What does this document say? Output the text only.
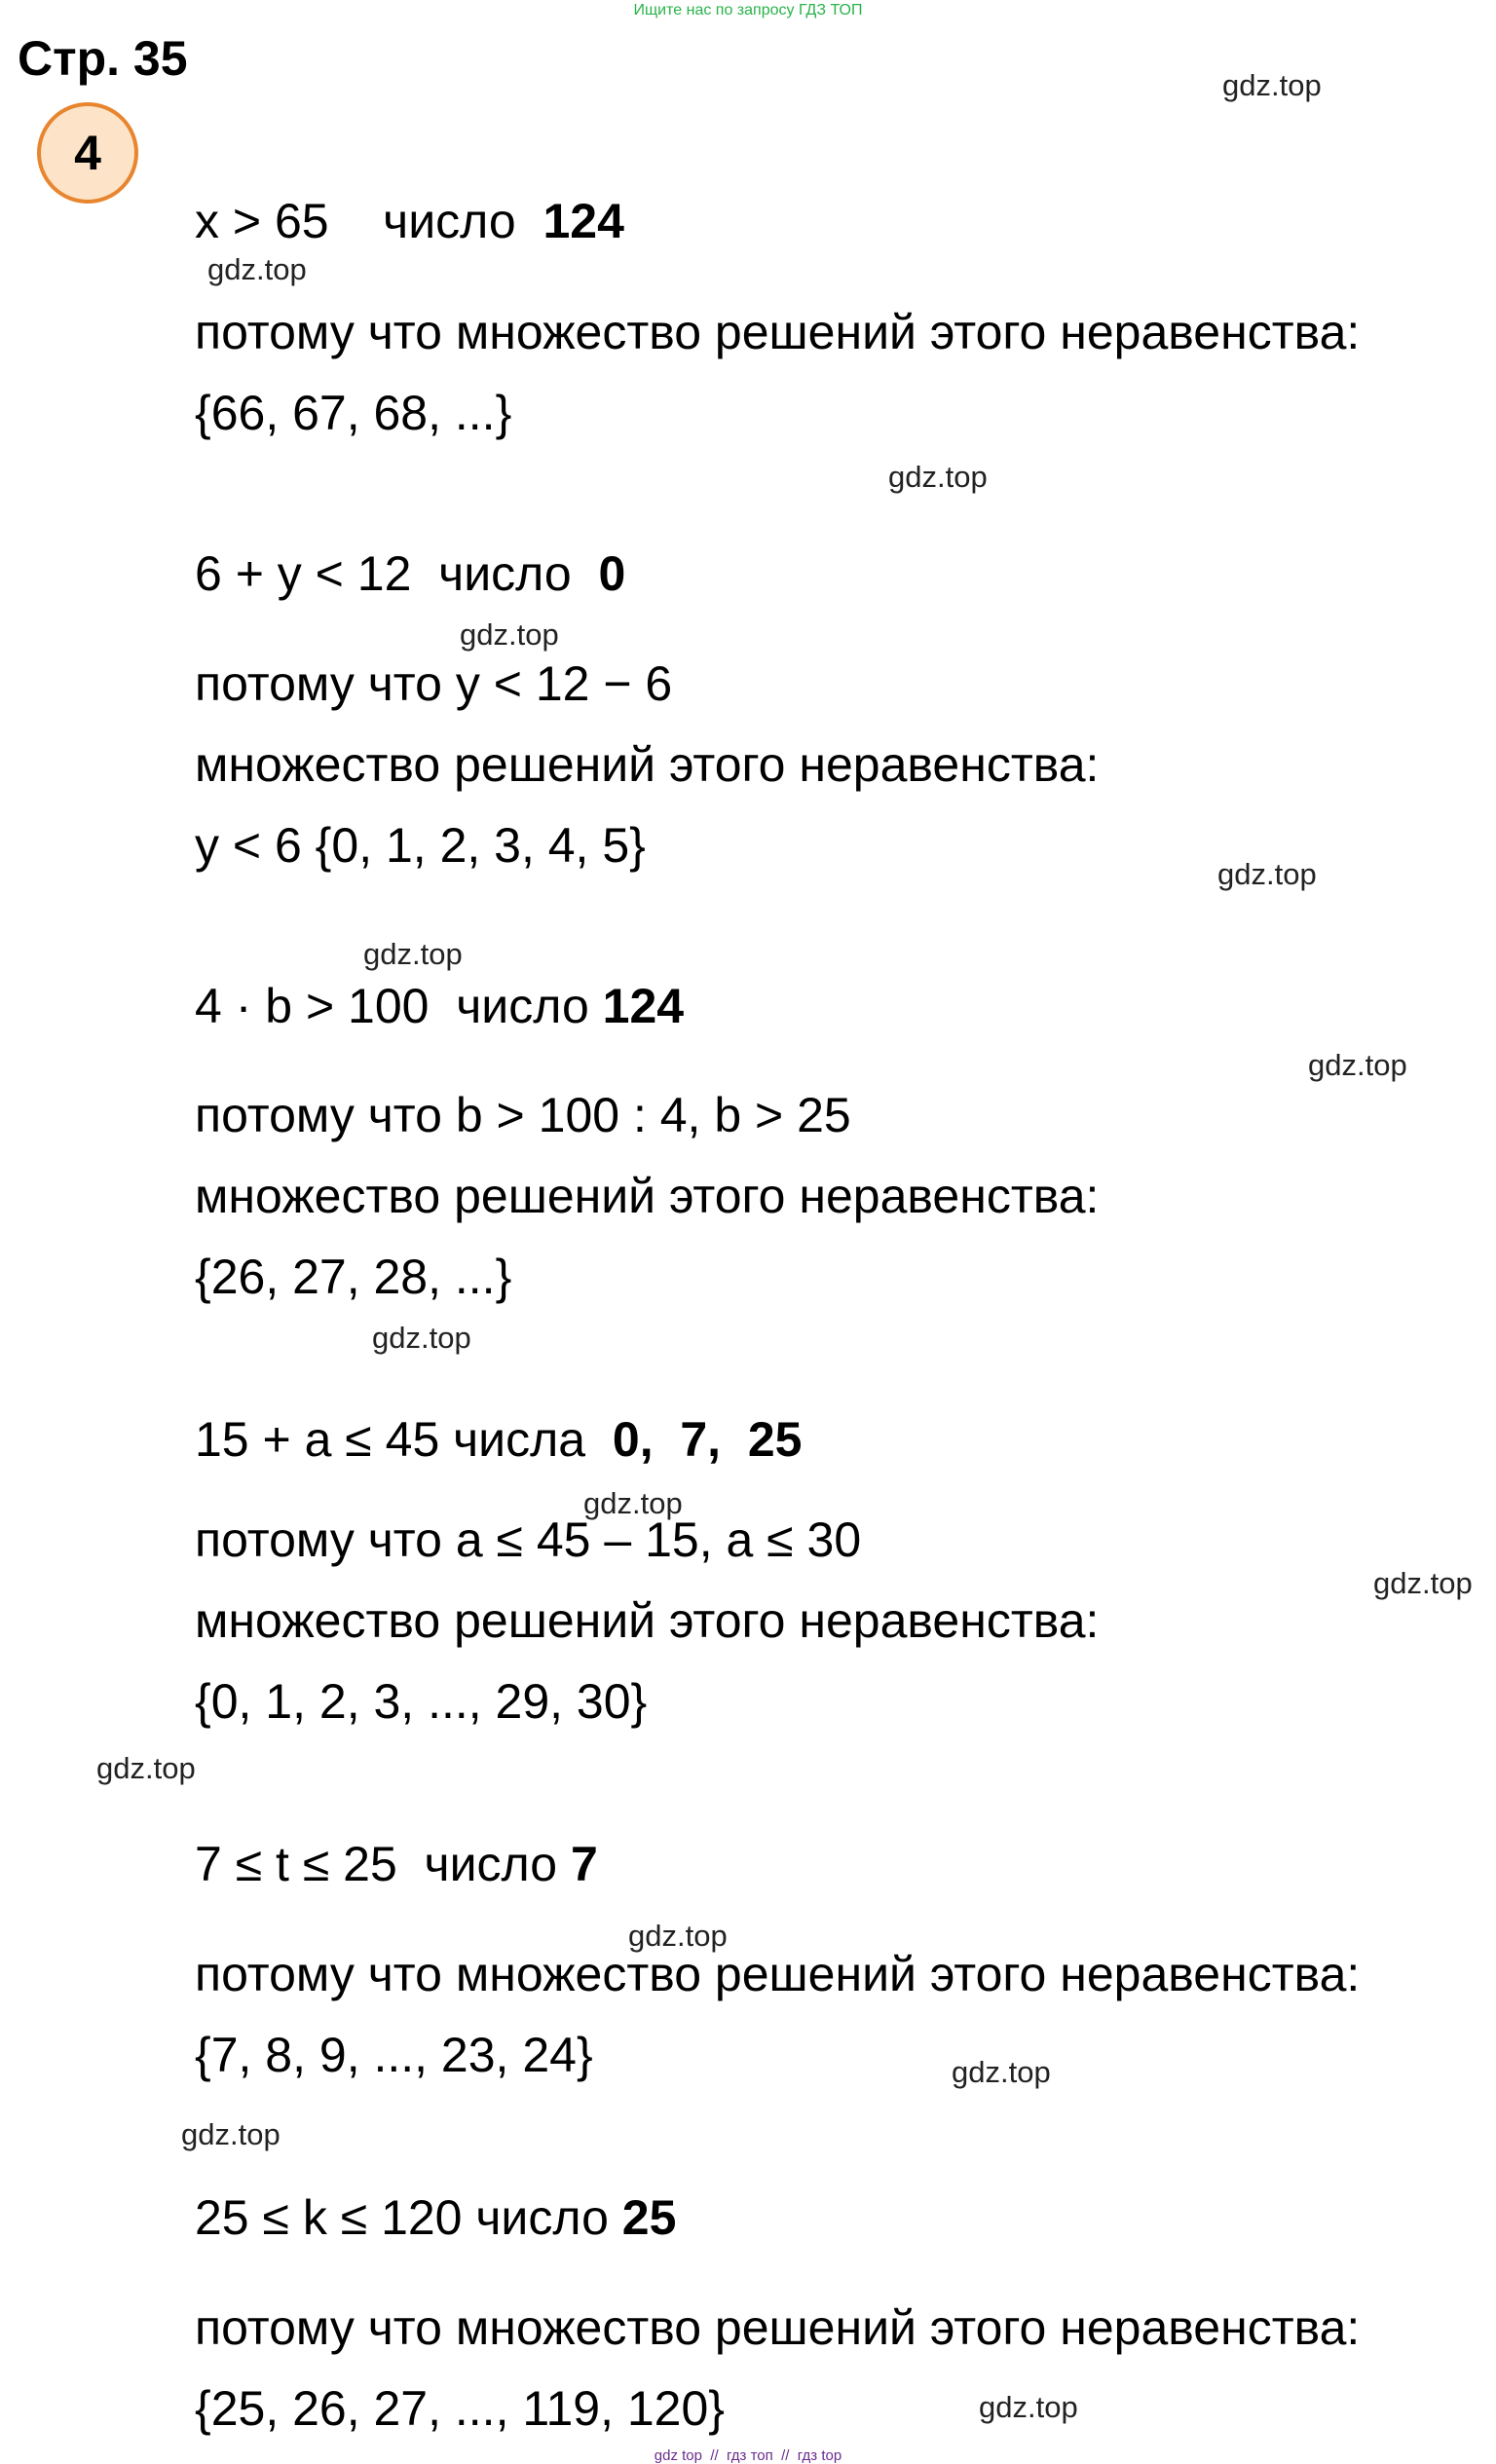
Ищите нас по запросу ГДЗ ТОП
Стр. 35
4
x > 65    число  124
потому что множество решений этого неравенства:
{66, 67, 68, ...}
6 + y < 12  число  0
потому что y < 12 − 6
множество решений этого неравенства:
y < 6 {0, 1, 2, 3, 4, 5}
4 · b > 100  число 124
потому что b > 100 : 4, b > 25
множество решений этого неравенства:
{26, 27, 28, ...}
15 + a ≤ 45 числа  0,  7,  25
потому что a ≤ 45 – 15, a ≤ 30
множество решений этого неравенства:
{0, 1, 2, 3, ..., 29, 30}
7 ≤ t ≤ 25  число 7
потому что множество решений этого неравенства:
{7, 8, 9, ..., 23, 24}
25 ≤ k ≤ 120 число 25
потому что множество решений этого неравенства:
{25, 26, 27, ..., 119, 120}
gdz.top
gdz.top
gdz.top
gdz.top
gdz.top
gdz.top
gdz.top
gdz.top
gdz.top
gdz.top
gdz.top
gdz.top
gdz.top
gdz.top
gdz.top
gdz top  //  гдз топ  //  гдз top
